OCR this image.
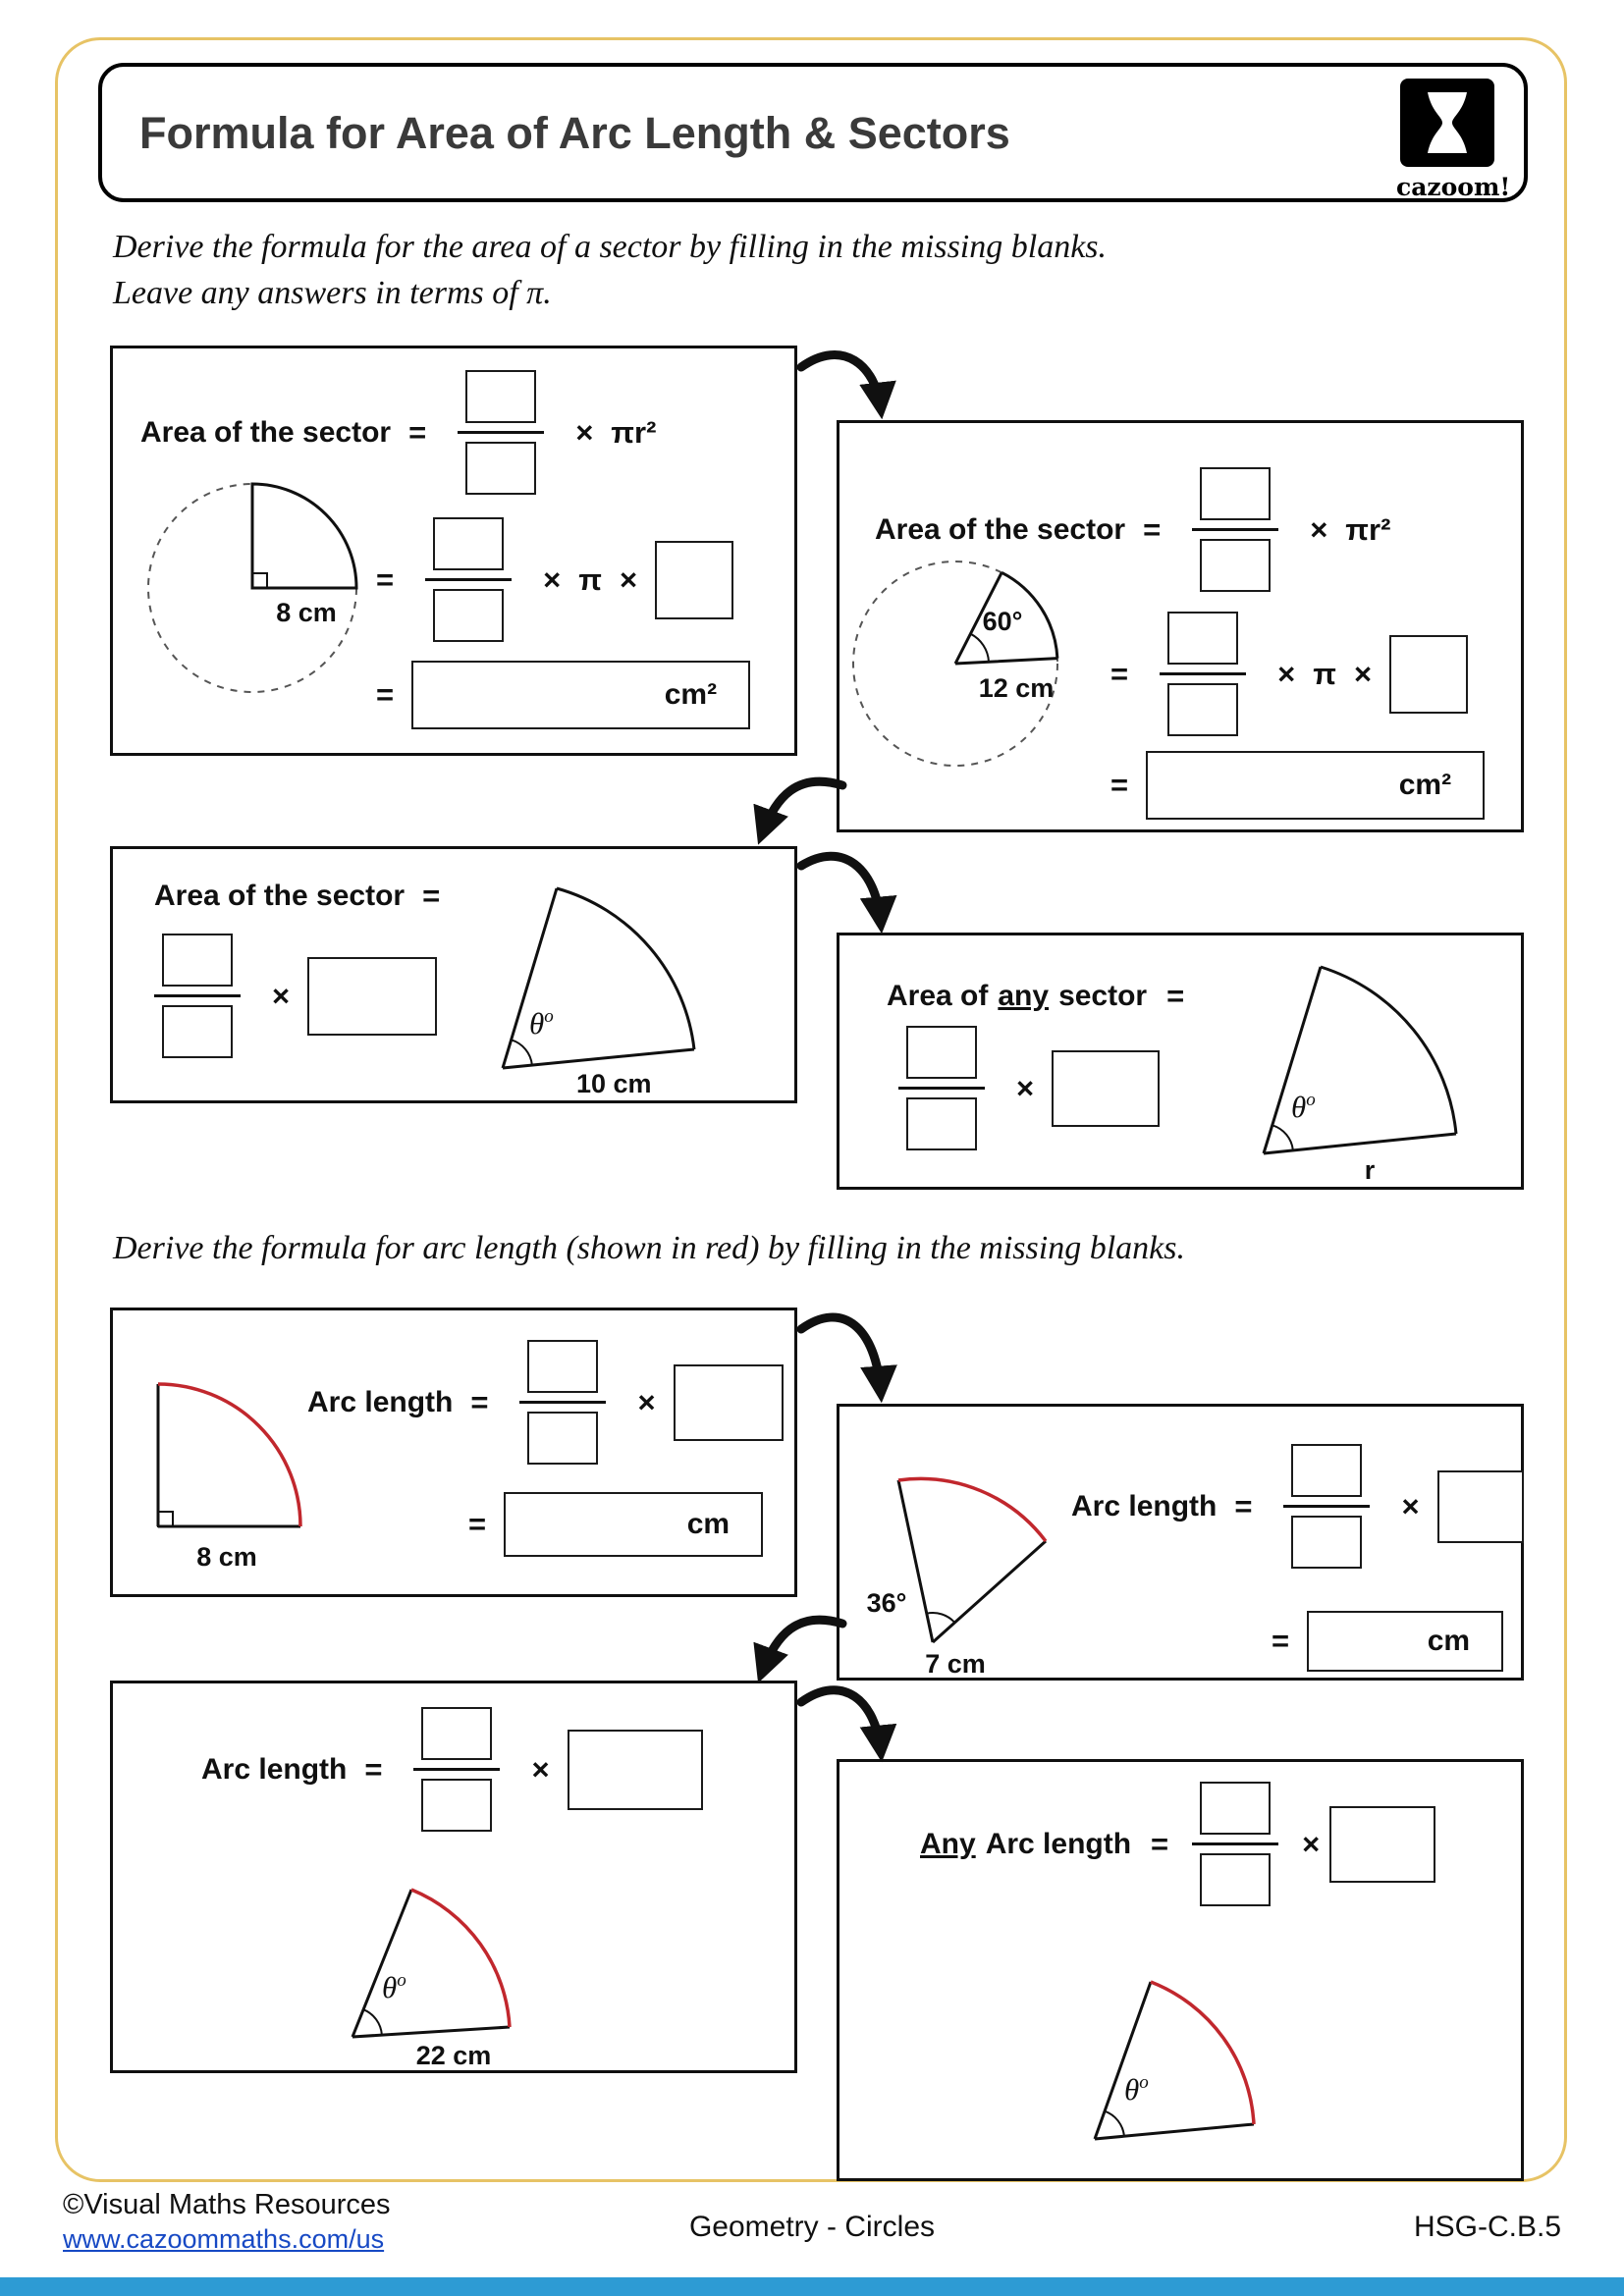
Formula for Area of Arc Length & Sectors
cazoom!
Derive the formula for the area of a sector by filling in the missing blanks.
Leave any answers in terms of π.
Area of the sector =	× πr²
8 cm
=	× π ×
=	cm²
Area of the sector =	× πr²
60°
12 cm =	× π ×
=	cm²
Area of the sector =
×
$\theta^o$
10 cm
Area of any sector =
×
$\theta^o$
r
Derive the formula for arc length (shown in red) by filling in the missing blanks.
8 cm
Arc length =	×
=	cm
36°
7 cm
Arc length =	×
=	cm
Arc length =	×
$\theta^o$
22 cm
Any Arc length =	×
$\theta^o$
©Visual Maths Resources
www.cazoommaths.com/us	Geometry - Circles	HSG-C.B.5
